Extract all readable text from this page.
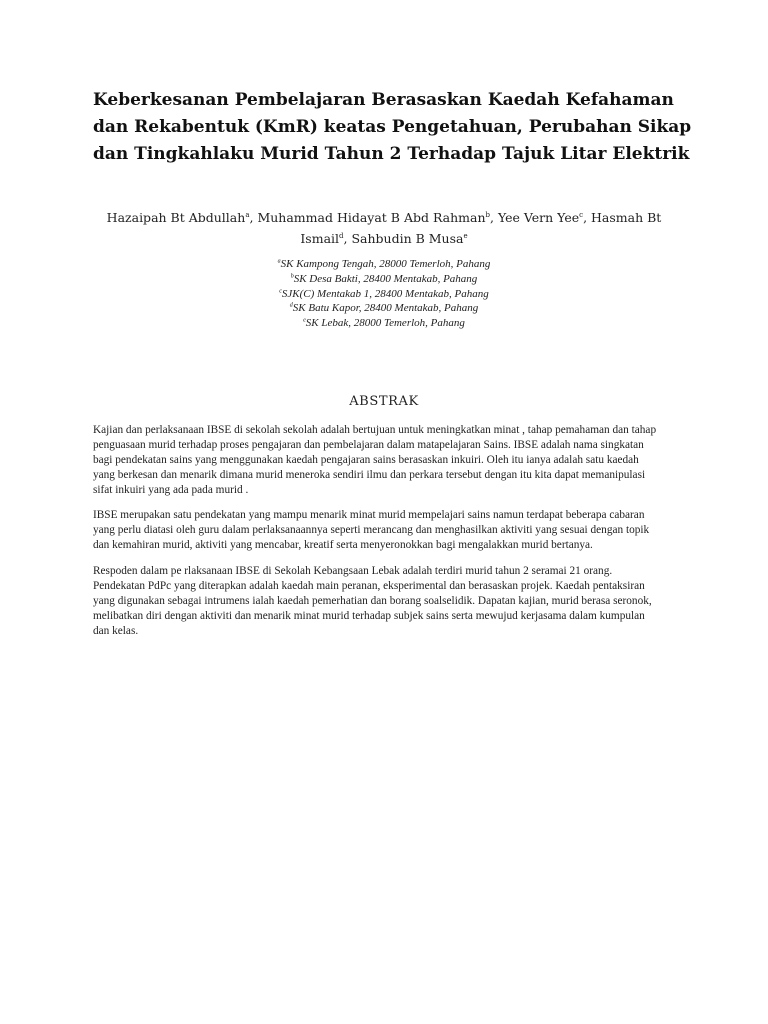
Keberkesanan Pembelajaran Berasaskan Kaedah Kefahaman
dan Rekabentuk (KmR) keatas Pengetahuan, Perubahan Sikap
dan Tingkahlaku Murid Tahun 2 Terhadap Tajuk Litar Elektrik
Hazaipah Bt Abdullah$^a$, Muhammad Hidayat B Abd Rahman$^b$, Yee Vern Yee$^c$, Hasmah Bt Ismail$^d$, Sahbudin B Musa$^e$
$^a$SK Kampong Tengah, 28000 Temerloh, Pahang
$^b$SK Desa Bakti, 28400 Mentakab, Pahang
$^c$SJK(C) Mentakab 1, 28400 Mentakab, Pahang
$^d$SK Batu Kapor, 28400 Mentakab, Pahang
$^e$SK Lebak, 28000 Temerloh, Pahang
ABSTRAK
Kajian dan perlaksanaan IBSE di sekolah sekolah adalah bertujuan untuk meningkatkan minat , tahap pemahaman dan tahap
penguasaan murid terhadap proses pengajaran dan pembelajaran dalam matapelajaran Sains. IBSE adalah nama singkatan
bagi pendekatan sains yang menggunakan kaedah pengajaran sains berasaskan inkuiri. Oleh itu ianya adalah satu kaedah
yang berkesan dan menarik dimana murid meneroka sendiri ilmu dan perkara tersebut dengan itu kita dapat memanipulasi
sifat inkuiri yang ada pada murid .
IBSE merupakan satu pendekatan yang mampu menarik minat murid mempelajari sains namun terdapat beberapa cabaran
yang perlu diatasi oleh guru dalam perlaksanaannya seperti merancang dan menghasilkan aktiviti yang sesuai dengan topik
dan kemahiran murid, aktiviti yang mencabar, kreatif serta menyeronokkan bagi mengalakkan murid bertanya.
Respoden dalam pe rlaksanaan IBSE di Sekolah Kebangsaan Lebak adalah terdiri murid tahun 2 seramai 21 orang.
Pendekatan PdPc yang diterapkan adalah kaedah main peranan, eksperimental dan berasaskan projek. Kaedah pentaksiran
yang digunakan sebagai intrumens ialah kaedah pemerhatian dan borang soalselidik. Dapatan kajian, murid berasa seronok,
melibatkan diri dengan aktiviti dan menarik minat murid terhadap subjek sains serta mewujud kerjasama dalam kumpulan
dan kelas.
